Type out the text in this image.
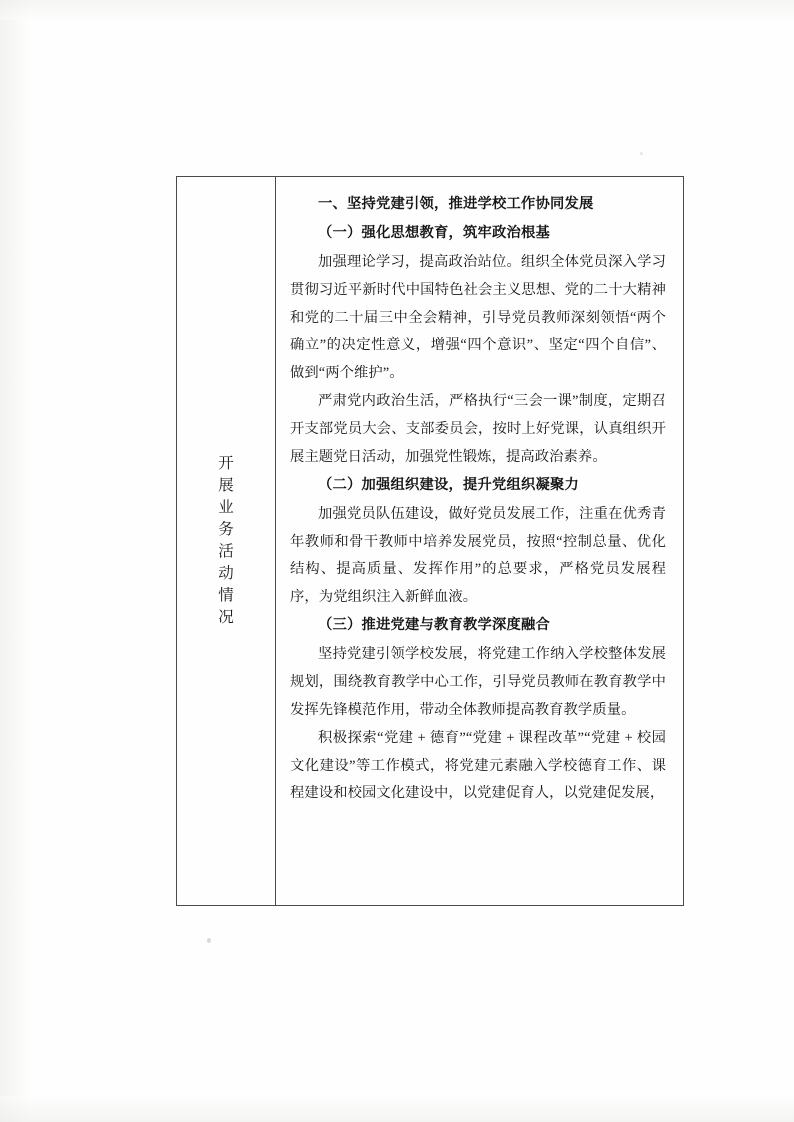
开
展
业
务
活
动
情
况

一、坚持党建引领，推进学校工作协同发展

（一）强化思想教育，筑牢政治根基

加强理论学习，提高政治站位。组织全体党员深入学习贯彻习近平新时代中国特色社会主义思想、党的二十大精神和党的二十届三中全会精神，引导党员教师深刻领悟“两个确立”的决定性意义，增强“四个意识”、坚定“四个自信”、做到“两个维护”。

严肃党内政治生活，严格执行“三会一课”制度，定期召开支部党员大会、支部委员会，按时上好党课，认真组织开展主题党日活动，加强党性锻炼，提高政治素养。

（二）加强组织建设，提升党组织凝聚力

加强党员队伍建设，做好党员发展工作，注重在优秀青年教师和骨干教师中培养发展党员，按照“控制总量、优化结构、提高质量、发挥作用”的总要求，严格党员发展程序，为党组织注入新鲜血液。

（三）推进党建与教育教学深度融合

坚持党建引领学校发展，将党建工作纳入学校整体发展规划，围绕教育教学中心工作，引导党员教师在教育教学中发挥先锋模范作用，带动全体教师提高教育教学质量。

积极探索“党建 + 德育”“党建 + 课程改革”“党建 + 校园文化建设”等工作模式，将党建元素融入学校德育工作、课程建设和校园文化建设中，以党建促育人，以党建促发展，
